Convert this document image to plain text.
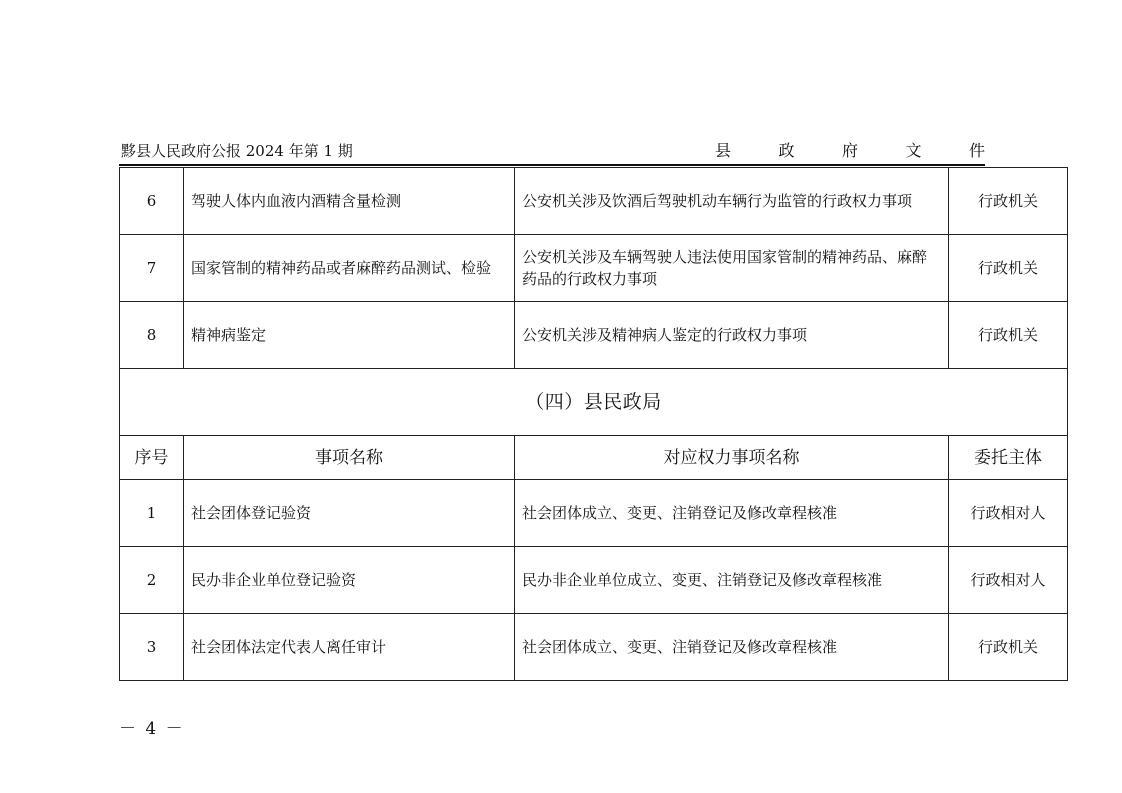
黟县人民政府公报 2024 年第 1 期	县	政	府	文	件
6	驾驶人体内血液内酒精含量检测	公安机关涉及饮酒后驾驶机动车辆行为监管的行政权力事项	行政机关
7	国家管制的精神药品或者麻醉药品测试、检验	公安机关涉及车辆驾驶人违法使用国家管制的精神药品、麻醉药品的行政权力事项	行政机关
8	精神病鉴定	公安机关涉及精神病人鉴定的行政权力事项	行政机关
（四）县民政局			
序号	事项名称	对应权力事项名称	委托主体
1	社会团体登记验资	社会团体成立、变更、注销登记及修改章程核准	行政相对人
2	民办非企业单位登记验资	民办非企业单位成立、变更、注销登记及修改章程核准	行政相对人
3	社会团体法定代表人离任审计	社会团体成立、变更、注销登记及修改章程核准	行政机关
－ 4 －
